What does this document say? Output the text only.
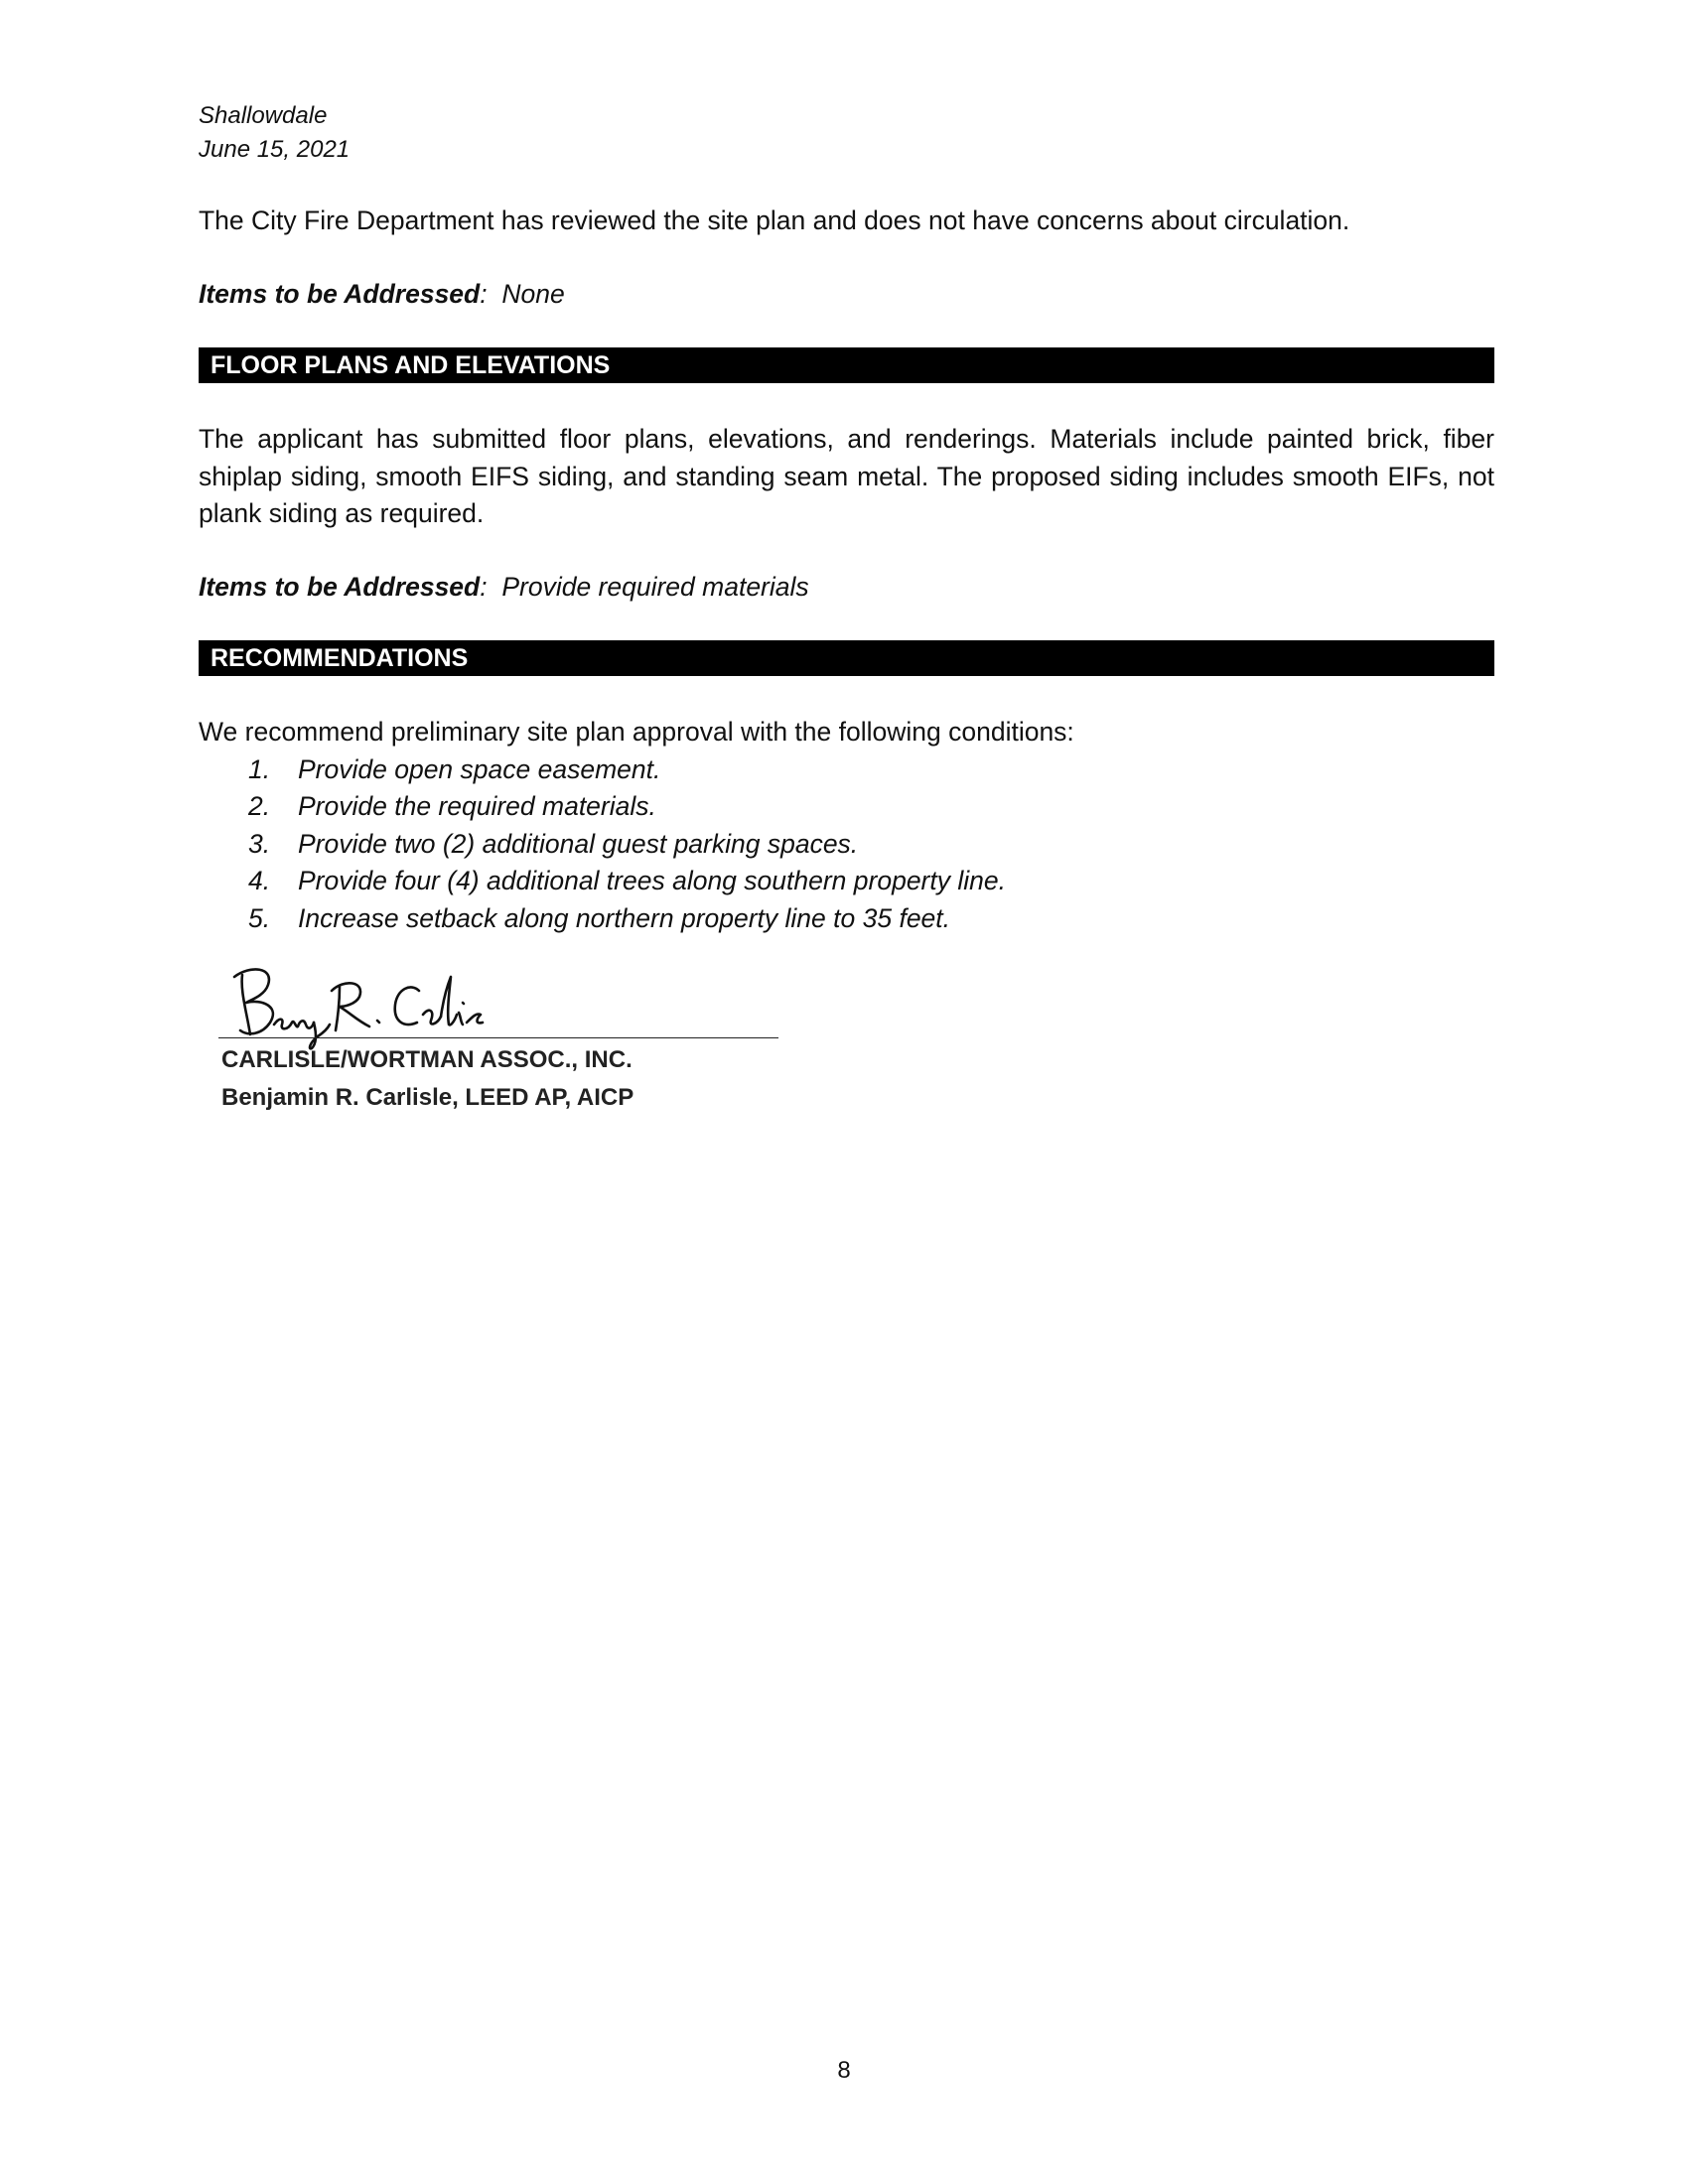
Shallowdale
June 15, 2021

The City Fire Department has reviewed the site plan and does not have concerns about circulation.

Items to be Addressed: None
FLOOR PLANS AND ELEVATIONS

The applicant has submitted floor plans, elevations, and renderings. Materials include painted brick, fiber shiplap siding, smooth EIFS siding, and standing seam metal. The proposed siding includes smooth EIFs, not plank siding as required.

Items to be Addressed: Provide required materials
RECOMMENDATIONS

We recommend preliminary site plan approval with the following conditions:

1.	Provide open space easement.
2.	Provide the required materials.
3.	Provide two (2) additional guest parking spaces.
4.	Provide four (4) additional trees along southern property line.
5.	Increase setback along northern property line to 35 feet.
CARLISLE/WORTMAN ASSOC., INC.
Benjamin R. Carlisle, LEED AP, AICP
8
